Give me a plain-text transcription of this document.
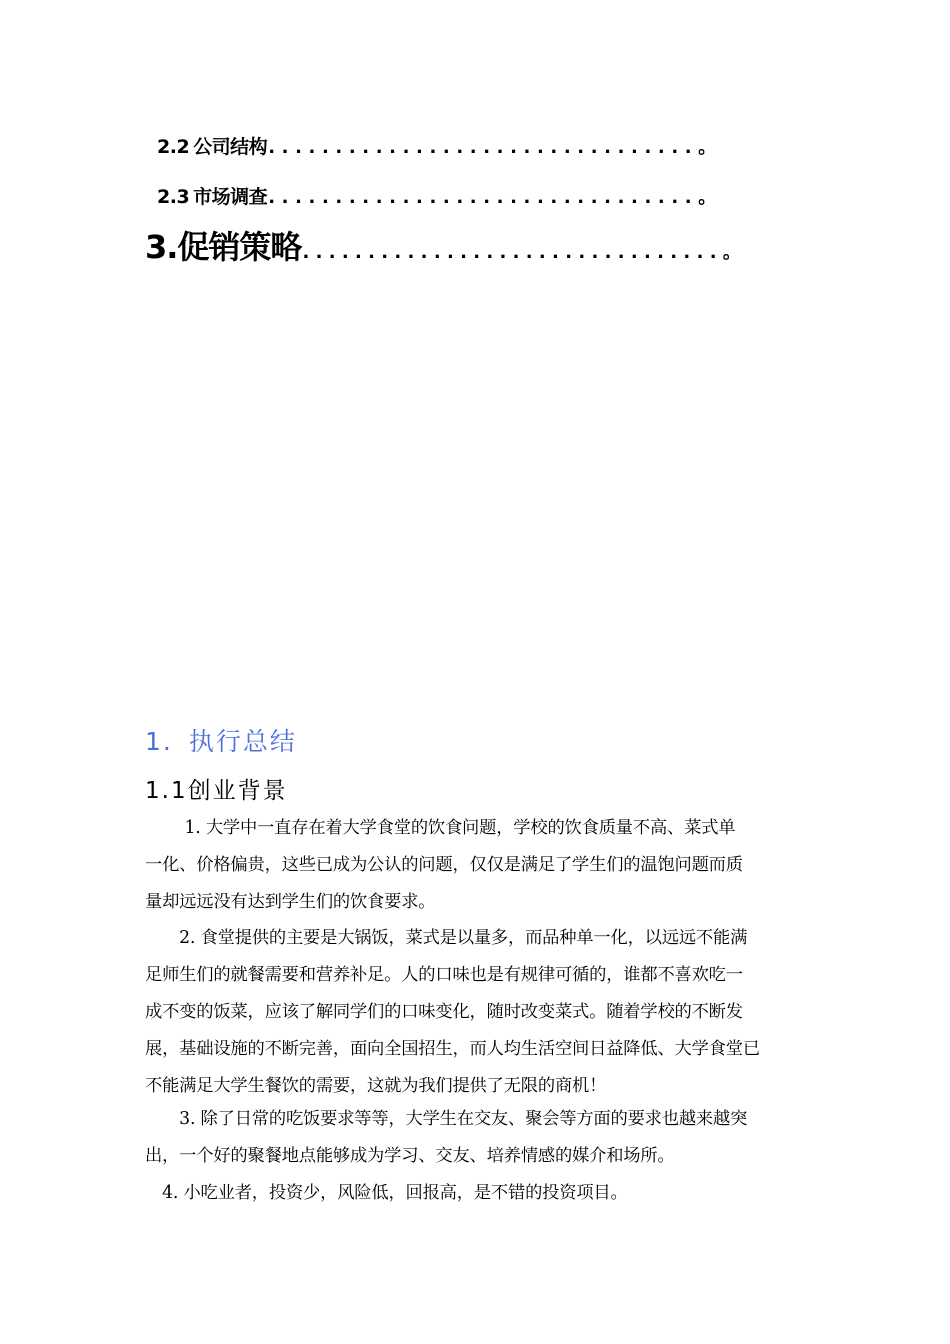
2.2 公司结构 ................................ 。
2.3 市场调查 ................................ 。
3. 促销策略 ................................ 。
1. 执行总结
1.1创业背景
　　 1. 大学中一直存在着大学食堂的饮食问题，学校的饮食质量不高、菜式单
一化、价格偏贵，这些已成为公认的问题，仅仅是满足了学生们的温饱问题而质
量却远远没有达到学生们的饮食要求。
　　2. 食堂提供的主要是大锅饭，菜式是以量多，而品种单一化，以远远不能满
足师生们的就餐需要和营养补足。人的口味也是有规律可循的，谁都不喜欢吃一
成不变的饭菜，应该了解同学们的口味变化，随时改变菜式。随着学校的不断发
展，基础设施的不断完善，面向全国招生，而人均生活空间日益降低、大学食堂已
不能满足大学生餐饮的需要，这就为我们提供了无限的商机！
　　3. 除了日常的吃饭要求等等，大学生在交友、聚会等方面的要求也越来越突
出，一个好的聚餐地点能够成为学习、交友、培养情感的媒介和场所。
　4. 小吃业者，投资少，风险低，回报高，是不错的投资项目。
